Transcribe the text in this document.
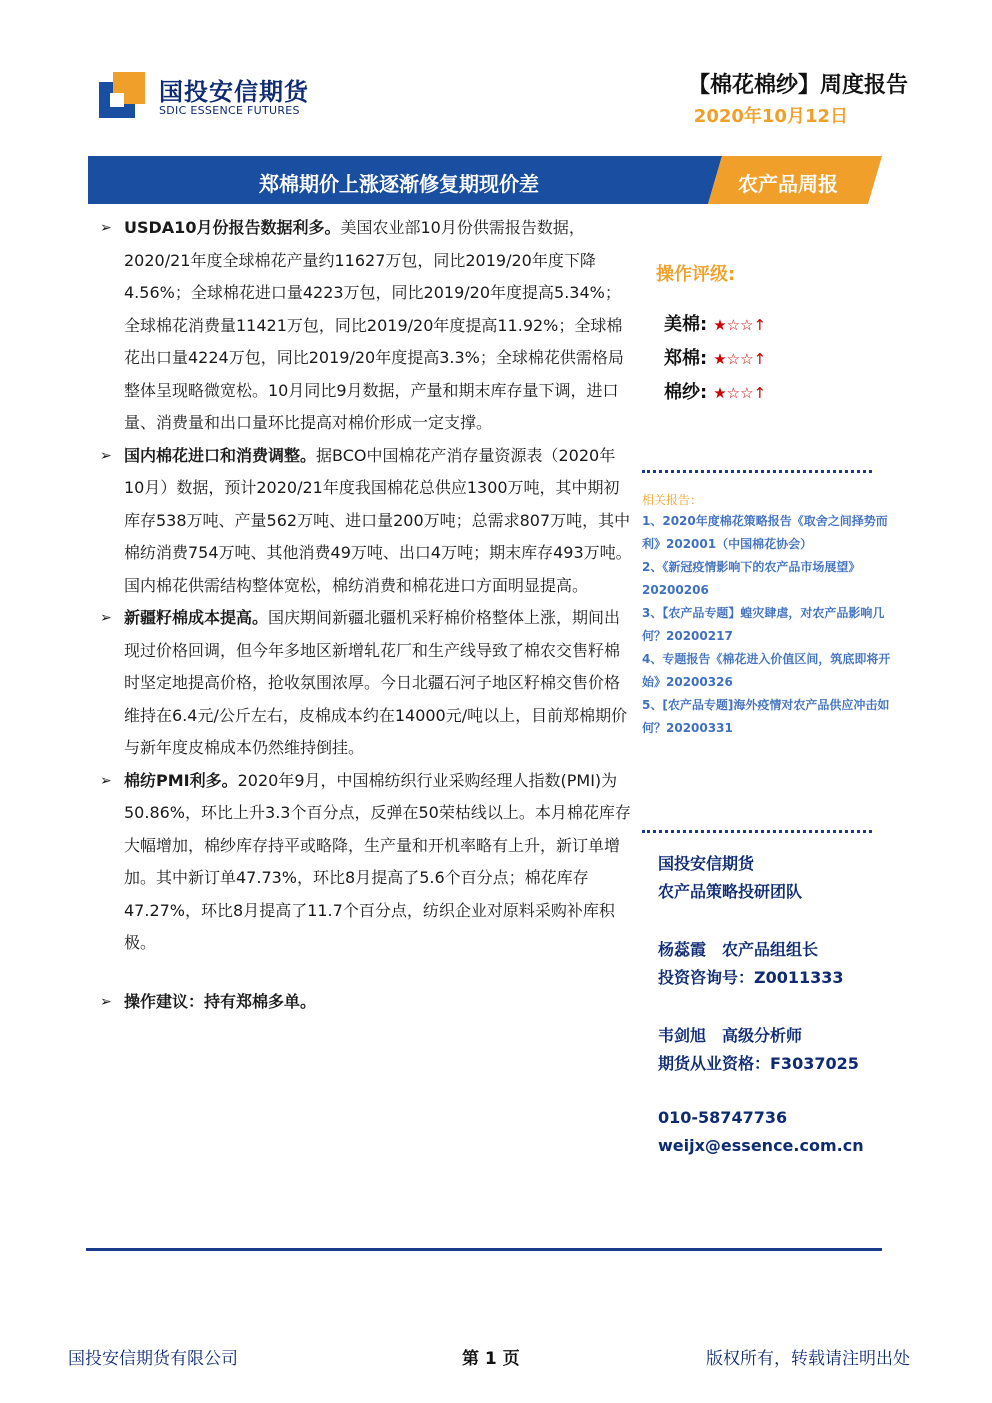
国投安信期货
SDIC ESSENCE FUTURES
【棉花棉纱】周度报告
2020年10月12日
郑棉期价上涨逐渐修复期现价差	农产品周报
➢ USDA10月份报告数据利多。美国农业部10月份供需报告数据，2020/21年度全球棉花产量约11627万包，同比2019/20年度下降4.56%；全球棉花进口量4223万包，同比2019/20年度提高5.34%；全球棉花消费量11421万包，同比2019/20年度提高11.92%；全球棉花出口量4224万包，同比2019/20年度提高3.3%；全球棉花供需格局整体呈现略微宽松。10月同比9月数据，产量和期末库存量下调，进口量、消费量和出口量环比提高对棉价形成一定支撑。
➢ 国内棉花进口和消费调整。据BCO中国棉花产消存量资源表（2020年10月）数据，预计2020/21年度我国棉花总供应1300万吨，其中期初库存538万吨、产量562万吨、进口量200万吨；总需求807万吨，其中棉纺消费754万吨、其他消费49万吨、出口4万吨；期末库存493万吨。国内棉花供需结构整体宽松，棉纺消费和棉花进口方面明显提高。
➢ 新疆籽棉成本提高。国庆期间新疆北疆机采籽棉价格整体上涨，期间出现过价格回调，但今年多地区新增轧花厂和生产线导致了棉农交售籽棉时坚定地提高价格，抢收氛围浓厚。今日北疆石河子地区籽棉交售价格维持在6.4元/公斤左右，皮棉成本约在14000元/吨以上，目前郑棉期价与新年度皮棉成本仍然维持倒挂。
➢ 棉纺PMI利多。2020年9月，中国棉纺织行业采购经理人指数(PMI)为50.86%，环比上升3.3个百分点，反弹在50荣枯线以上。本月棉花库存大幅增加，棉纱库存持平或略降，生产量和开机率略有上升，新订单增加。其中新订单47.73%，环比8月提高了5.6个百分点；棉花库存47.27%，环比8月提高了11.7个百分点，纺织企业对原料采购补库积极。
➢ 操作建议：持有郑棉多单。
操作评级:
美棉: ★☆☆↑
郑棉: ★☆☆↑
棉纱: ★☆☆↑
相关报告：
1、2020年度棉花策略报告《取舍之间择势而利》202001（中国棉花协会）
2、《新冠疫情影响下的农产品市场展望》20200206
3、【农产品专题】蝗灾肆虐，对农产品影响几何？20200217
4、专题报告《棉花进入价值区间，筑底即将开始》20200326
5、[农产品专题]海外疫情对农产品供应冲击如何？20200331
国投安信期货
农产品策略投研团队
杨蕊霞　农产品组组长
投资咨询号：Z0011333
韦剑旭　高级分析师
期货从业资格：F3037025
010-58747736
weijx@essence.com.cn
国投安信期货有限公司	第 1 页	版权所有，转载请注明出处
